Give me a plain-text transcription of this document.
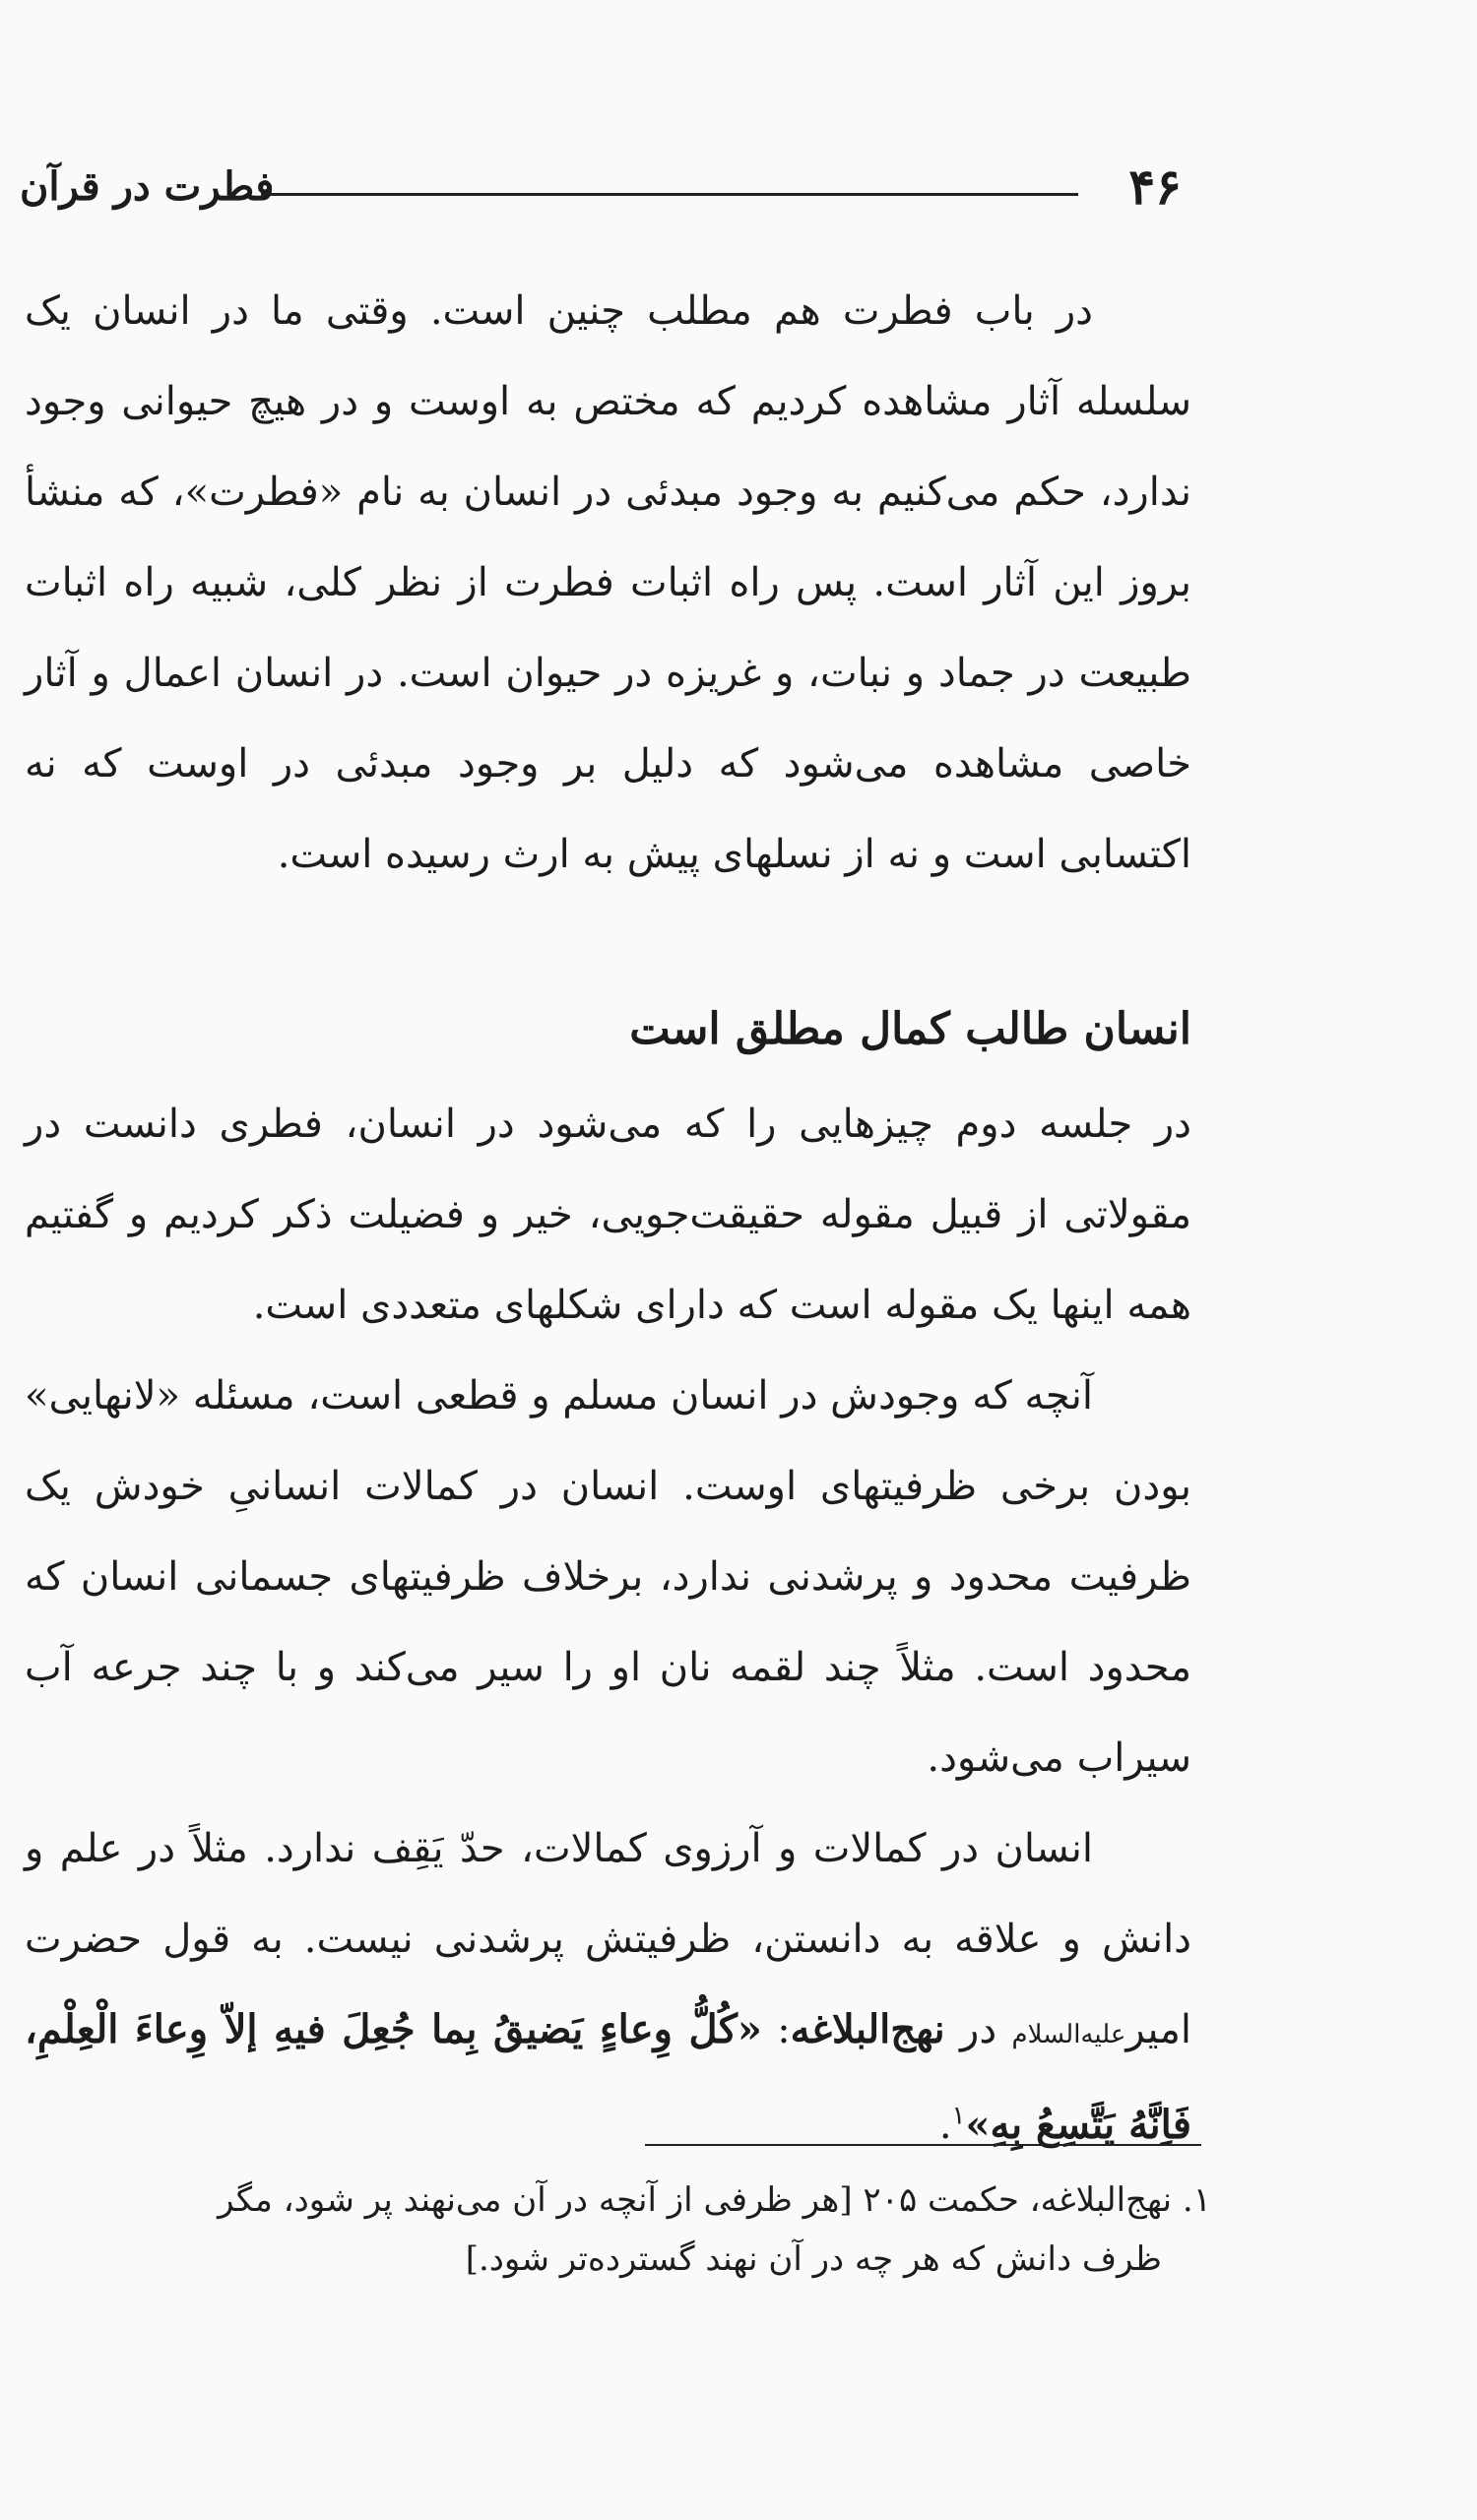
۴۶
فطرت در قرآن

در باب فطرت هم مطلب چنین است. وقتی ما در انسان یک سلسله آثار مشاهده کردیم که مختص به اوست و در هیچ حیوانی وجود ندارد، حکم می‌کنیم به وجود مبدئی در انسان به نام «فطرت»، که منشأ بروز این آثار است. پس راه اثبات فطرت از نظر کلی، شبیه راه اثبات طبیعت در جماد و نبات، و غریزه در حیوان است. در انسان اعمال و آثار خاصی مشاهده می‌شود که دلیل بر وجود مبدئی در اوست که نه اکتسابی است و نه از نسلهای پیش به ارث رسیده است.

انسان طالب کمال مطلق است

در جلسه دوم چیزهایی را که می‌شود در انسان، فطری دانست در مقولاتی از قبیل مقوله حقیقت‌جویی، خیر و فضیلت ذکر کردیم و گفتیم همه اینها یک مقوله است که دارای شکلهای متعددی است.

آنچه که وجودش در انسان مسلم و قطعی است، مسئله «لانهایی» بودن برخی ظرفیتهای اوست. انسان در کمالات انسانیِ خودش یک ظرفیت محدود و پرشدنی ندارد، برخلاف ظرفیتهای جسمانی انسان که محدود است. مثلاً چند لقمه نان او را سیر می‌کند و با چند جرعه آب سیراب می‌شود.

انسان در کمالات و آرزوی کمالات، حدّ یَقِف ندارد. مثلاً در علم و دانش و علاقه به دانستن، ظرفیتش پرشدنی نیست. به قول حضرت امیرعلیه‌السلام در نهج‌البلاغه: «کُلُّ وِعاءٍ یَضیقُ بِما جُعِلَ فیهِ إلاّ وِعاءَ الْعِلْمِ، فَاِنَّهُ یَتَّسِعُ بِهِ»$^۱$.

۱. نهج‌البلاغه، حکمت ۲۰۵ [هر ظرفی از آنچه در آن می‌نهند پر شود، مگر

ظرف دانش که هر چه در آن نهند گسترده‌تر شود.]
